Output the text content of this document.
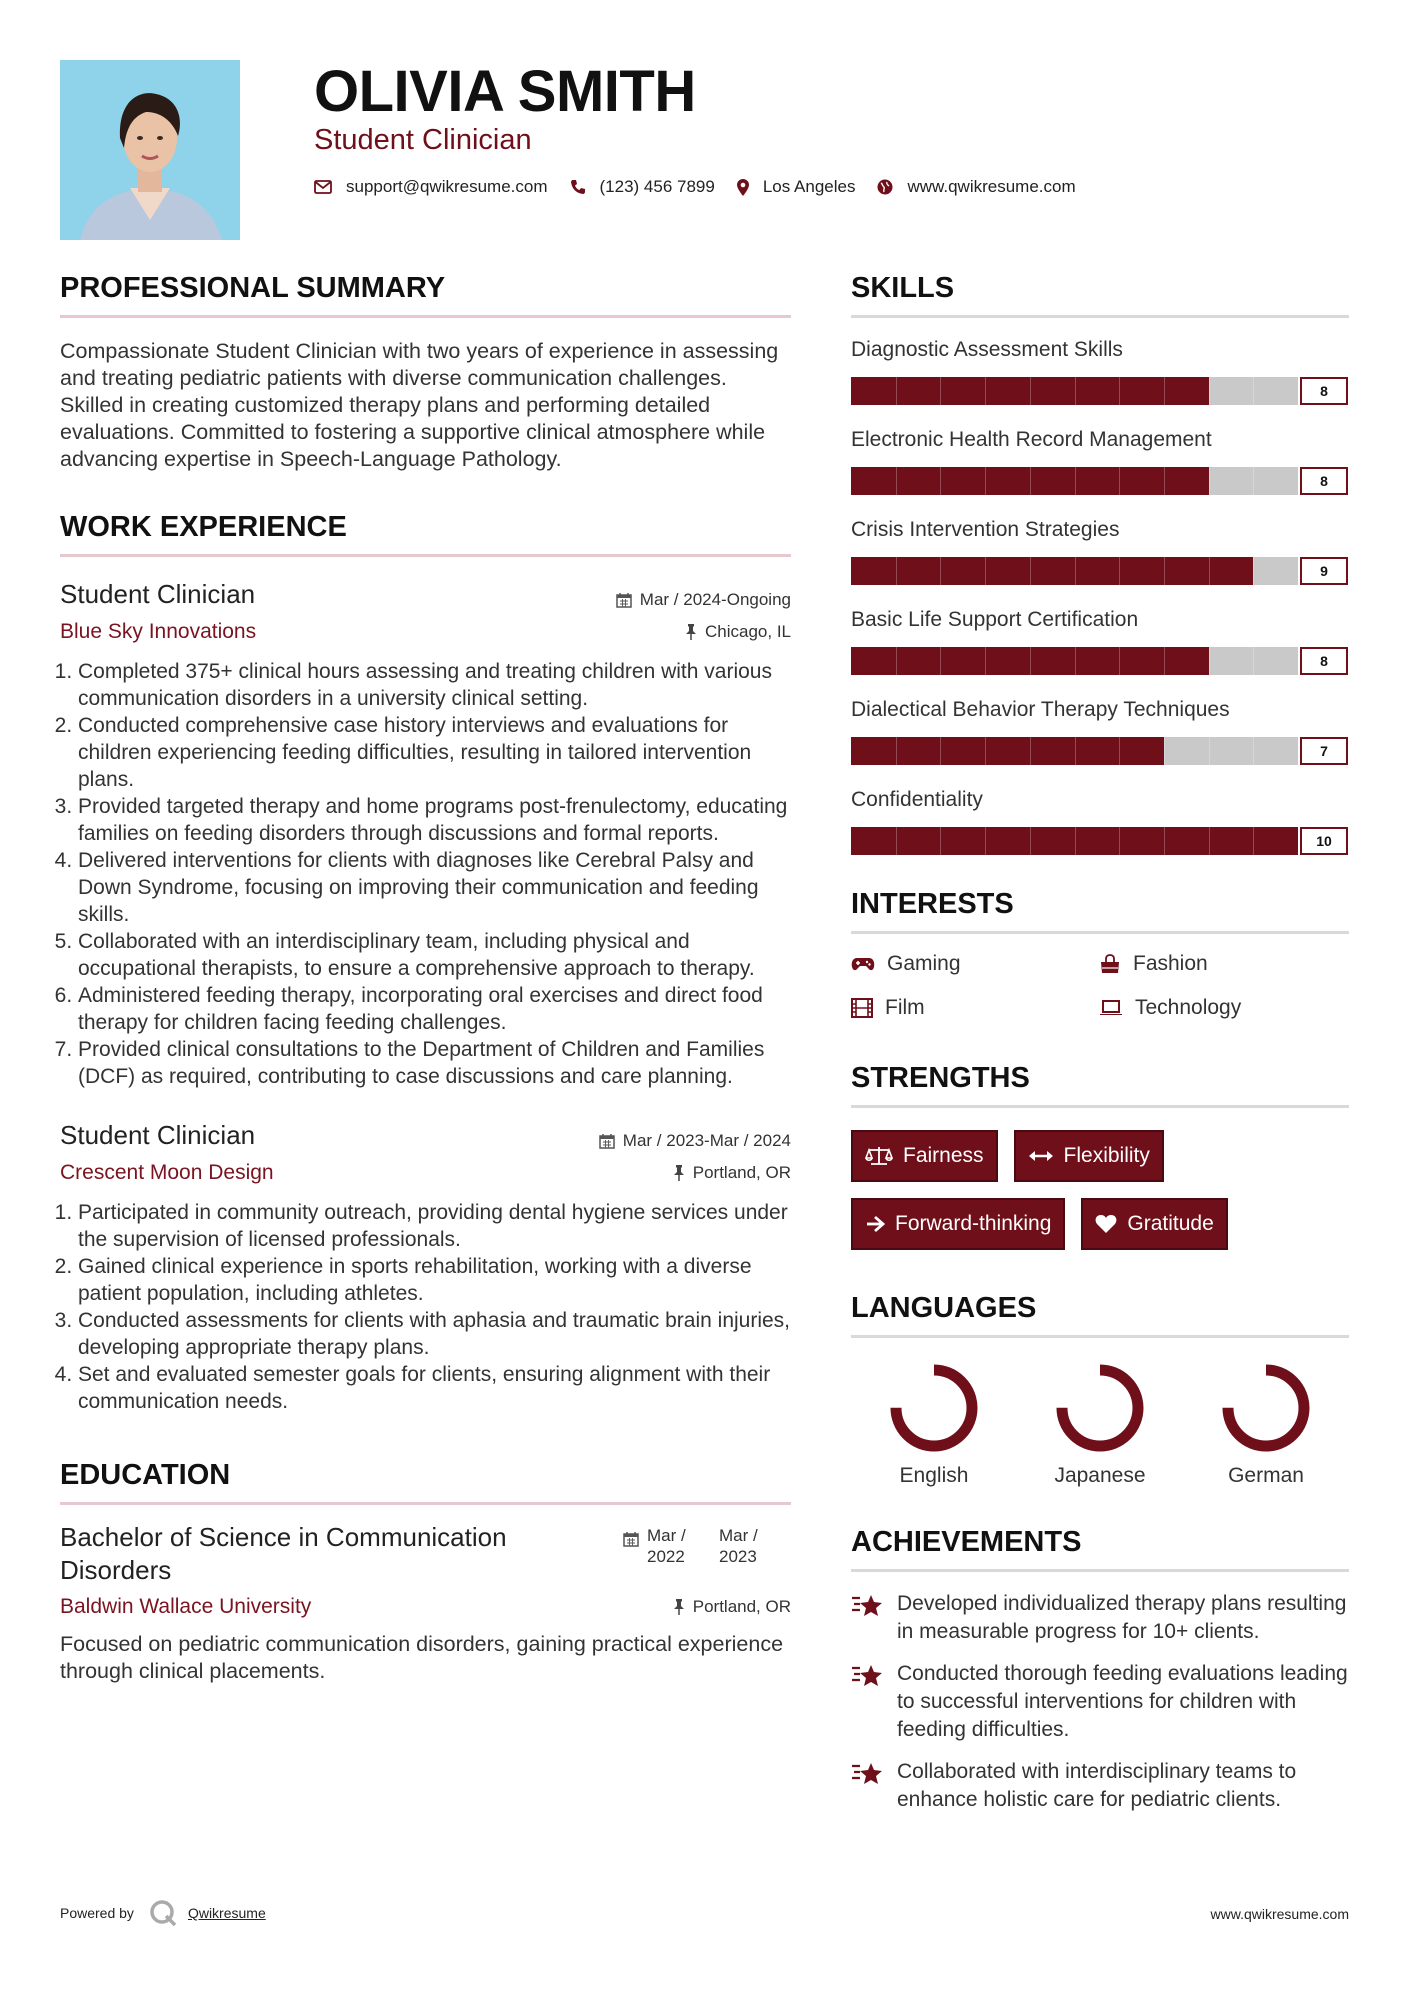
OLIVIA SMITH
Student Clinician
support@qwikresume.com	(123) 456 7899	Los Angeles	www.qwikresume.com
PROFESSIONAL SUMMARY
Compassionate Student Clinician with two years of experience in assessing and treating pediatric patients with diverse communication challenges. Skilled in creating customized therapy plans and performing detailed evaluations. Committed to fostering a supportive clinical atmosphere while advancing expertise in Speech-Language Pathology.
WORK EXPERIENCE
Student Clinician	Mar / 2024-Ongoing
Blue Sky Innovations	Chicago, IL
1. Completed 375+ clinical hours assessing and treating children with various communication disorders in a university clinical setting.
2. Conducted comprehensive case history interviews and evaluations for children experiencing feeding difficulties, resulting in tailored intervention plans.
3. Provided targeted therapy and home programs post-frenulectomy, educating families on feeding disorders through discussions and formal reports.
4. Delivered interventions for clients with diagnoses like Cerebral Palsy and Down Syndrome, focusing on improving their communication and feeding skills.
5. Collaborated with an interdisciplinary team, including physical and occupational therapists, to ensure a comprehensive approach to therapy.
6. Administered feeding therapy, incorporating oral exercises and direct food therapy for children facing feeding challenges.
7. Provided clinical consultations to the Department of Children and Families (DCF) as required, contributing to case discussions and care planning.
Student Clinician	Mar / 2023-Mar / 2024
Crescent Moon Design	Portland, OR
1. Participated in community outreach, providing dental hygiene services under the supervision of licensed professionals.
2. Gained clinical experience in sports rehabilitation, working with a diverse patient population, including athletes.
3. Conducted assessments for clients with aphasia and traumatic brain injuries, developing appropriate therapy plans.
4. Set and evaluated semester goals for clients, ensuring alignment with their communication needs.
EDUCATION
Bachelor of Science in Communication Disorders
Mar / 2022
Mar / 2023
Baldwin Wallace University	Portland, OR
Focused on pediatric communication disorders, gaining practical experience through clinical placements.
SKILLS
Diagnostic Assessment Skills
8
Electronic Health Record Management
8
Crisis Intervention Strategies
9
Basic Life Support Certification
8
Dialectical Behavior Therapy Techniques
7
Confidentiality
10
INTERESTS
Gaming	Fashion
Film	Technology
STRENGTHS
Fairness	Flexibility
Forward-thinking	Gratitude
LANGUAGES
English	Japanese	German
ACHIEVEMENTS
Developed individualized therapy plans resulting in measurable progress for 10+ clients.
Conducted thorough feeding evaluations leading to successful interventions for children with feeding difficulties.
Collaborated with interdisciplinary teams to enhance holistic care for pediatric clients.
Powered by	Qwikresume	www.qwikresume.com
